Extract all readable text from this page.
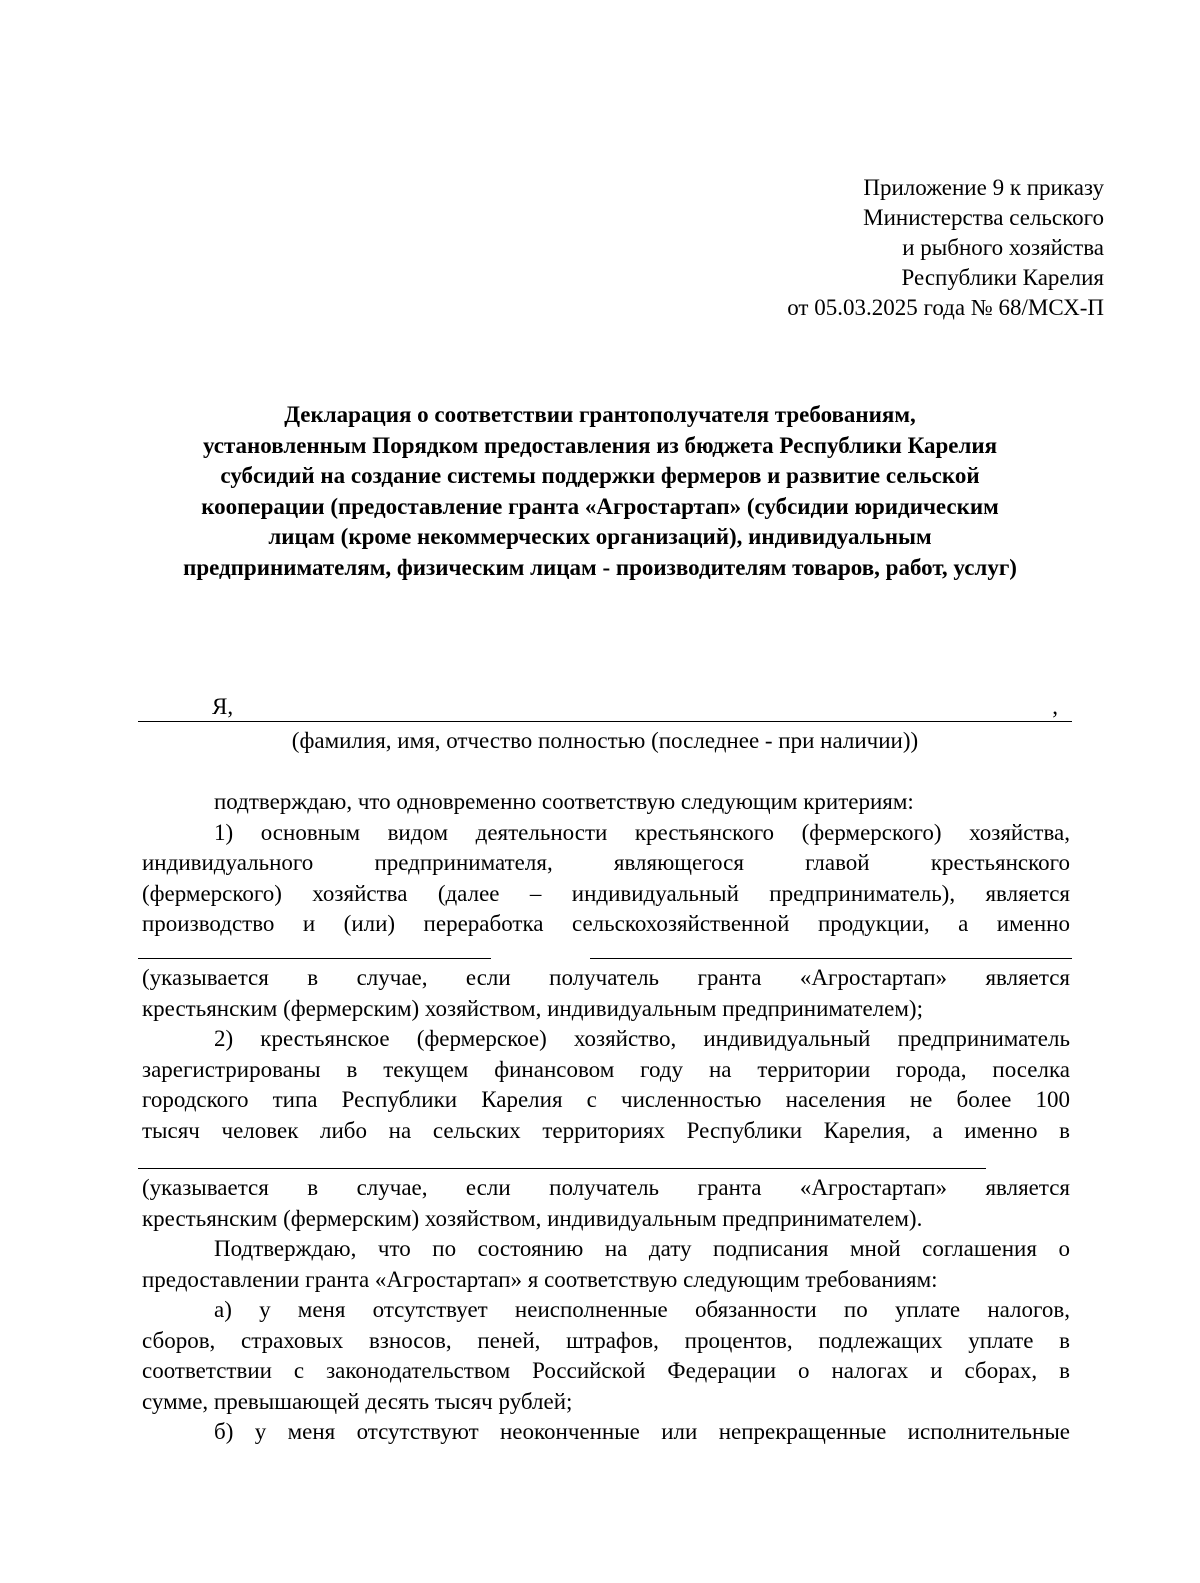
Приложение 9 к приказу
Министерства сельского
и рыбного хозяйства
Республики Карелия
от 05.03.2025 года № 68/МСХ-П
Декларация о соответствии грантополучателя требованиям,
установленным Порядком предоставления из бюджета Республики Карелия
субсидий на создание системы поддержки фермеров и развитие сельской
кооперации (предоставление гранта «Агростартап» (субсидии юридическим
лицам (кроме некоммерческих организаций), индивидуальным
предпринимателям, физическим лицам - производителям товаров, работ, услуг)
Я,	,
(фамилия, имя, отчество полностью (последнее - при наличии))
подтверждаю, что одновременно соответствую следующим критериям:
1) основным видом деятельности крестьянского (фермерского) хозяйства,
индивидуального предпринимателя, являющегося главой крестьянского
(фермерского) хозяйства (далее – индивидуальный предприниматель), является
производство и (или) переработка сельскохозяйственной продукции, а именно
(указывается в случае, если получатель гранта «Агростартап» является
крестьянским (фермерским) хозяйством, индивидуальным предпринимателем);
2) крестьянское (фермерское) хозяйство, индивидуальный предприниматель
зарегистрированы в текущем финансовом году на территории города, поселка
городского типа Республики Карелия с численностью населения не более 100
тысяч человек либо на сельских территориях Республики Карелия, а именно в
(указывается в случае, если получатель гранта «Агростартап» является
крестьянским (фермерским) хозяйством, индивидуальным предпринимателем).
Подтверждаю, что по состоянию на дату подписания мной соглашения о
предоставлении гранта «Агростартап» я соответствую следующим требованиям:
а) у меня отсутствует неисполненные обязанности по уплате налогов,
сборов, страховых взносов, пеней, штрафов, процентов, подлежащих уплате в
соответствии с законодательством Российской Федерации о налогах и сборах, в
сумме, превышающей десять тысяч рублей;
б) у меня отсутствуют неоконченные или непрекращенные исполнительные
